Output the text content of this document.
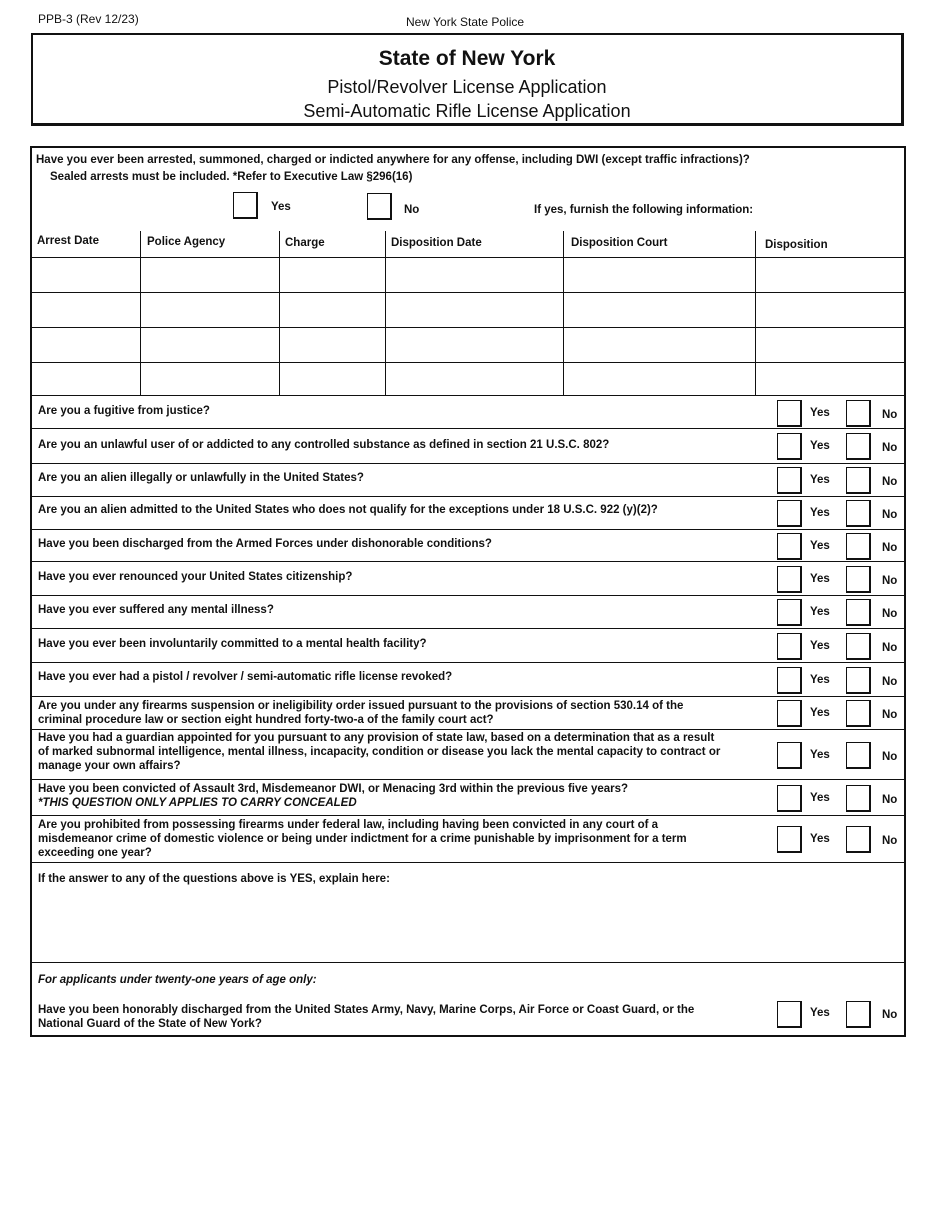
PPB-3 (Rev 12/23)	New York State Police
State of New York
Pistol/Revolver License Application
Semi-Automatic Rifle License Application
Have you ever been arrested, summoned, charged or indicted anywhere for any offense, including DWI (except traffic infractions)?
Sealed arrests must be included. *Refer to Executive Law §296(16)
Yes	No	If yes, furnish the following information:
Arrest Date	Police Agency	Charge	Disposition Date	Disposition Court	Disposition
Are you a fugitive from justice?	Yes	No
Are you an unlawful user of or addicted to any controlled substance as defined in section 21 U.S.C. 802?	Yes	No
Are you an alien illegally or unlawfully in the United States?	Yes	No
Are you an alien admitted to the United States who does not qualify for the exceptions under 18 U.S.C. 922 (y)(2)?	Yes	No
Have you been discharged from the Armed Forces under dishonorable conditions?	Yes	No
Have you ever renounced your United States citizenship?	Yes	No
Have you ever suffered any mental illness?	Yes	No
Have you ever been involuntarily committed to a mental health facility?	Yes	No
Have you ever had a pistol / revolver / semi-automatic rifle license revoked?	Yes	No
Are you under any firearms suspension or ineligibility order issued pursuant to the provisions of section 530.14 of the
criminal procedure law or section eight hundred forty-two-a of the family court act?
Yes	No
Have you had a guardian appointed for you pursuant to any provision of state law, based on a determination that as a result
of marked subnormal intelligence, mental illness, incapacity, condition or disease you lack the mental capacity to contract or
manage your own affairs?
Yes	No
Have you been convicted of Assault 3rd, Misdemeanor DWI, or Menacing 3rd within the previous five years?
*THIS QUESTION ONLY APPLIES TO CARRY CONCEALED	Yes	No
Are you prohibited from possessing firearms under federal law, including having been convicted in any court of a
misdemeanor crime of domestic violence or being under indictment for a crime punishable by imprisonment for a term
exceeding one year?
Yes	No
If the answer to any of the questions above is YES, explain here:
For applicants under twenty-one years of age only:
Have you been honorably discharged from the United States Army, Navy, Marine Corps, Air Force or Coast Guard, or the
National Guard of the State of New York?
Yes	No
